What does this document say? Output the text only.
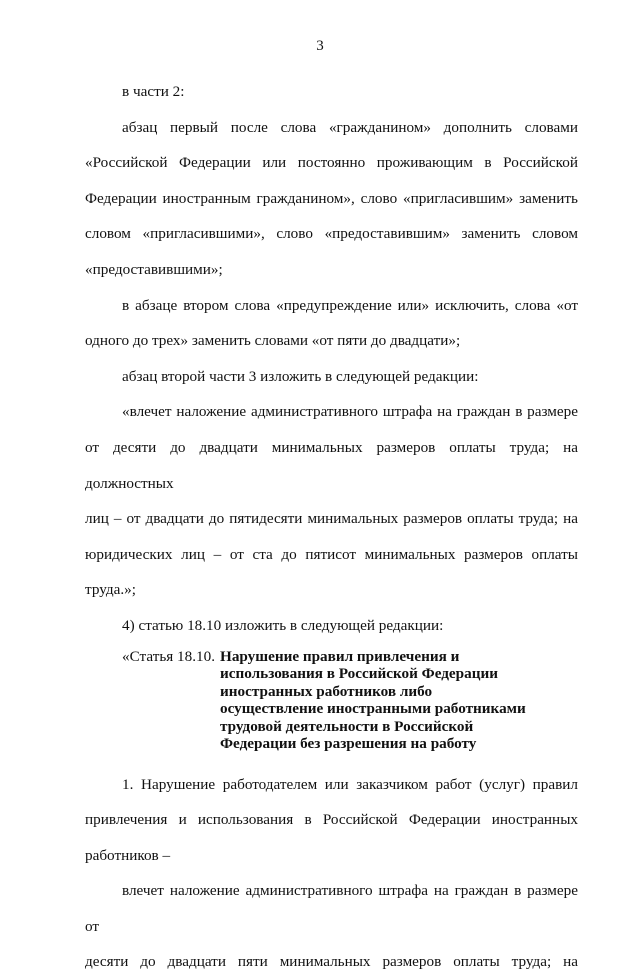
3

в части 2:

абзац первый после слова «гражданином» дополнить словами
«Российской Федерации или постоянно проживающим в Российской
Федерации иностранным гражданином», слово «пригласившим» заменить
словом «пригласившими», слово «предоставившим» заменить словом
«предоставившими»;

в абзаце втором слова «предупреждение или» исключить, слова «от
одного до трех» заменить словами «от пяти до двадцати»;

абзац второй части 3 изложить в следующей редакции:

«влечет наложение административного штрафа на граждан в размере
от десяти до двадцати минимальных размеров оплаты труда; на должностных
лиц – от двадцати до пятидесяти минимальных размеров оплаты труда; на
юридических лиц – от ста до пятисот минимальных размеров оплаты труда.»;

4) статью 18.10 изложить в следующей редакции:

«Статья 18.10. Нарушение правил привлечения и использования в Российской Федерации иностранных работников либо осуществление иностранными работниками трудовой деятельности в Российской Федерации без разрешения на работу

1. Нарушение работодателем или заказчиком работ (услуг) правил
привлечения и использования в Российской Федерации иностранных
работников –

влечет наложение административного штрафа на граждан в размере от
десяти до двадцати пяти минимальных размеров оплаты труда; на
